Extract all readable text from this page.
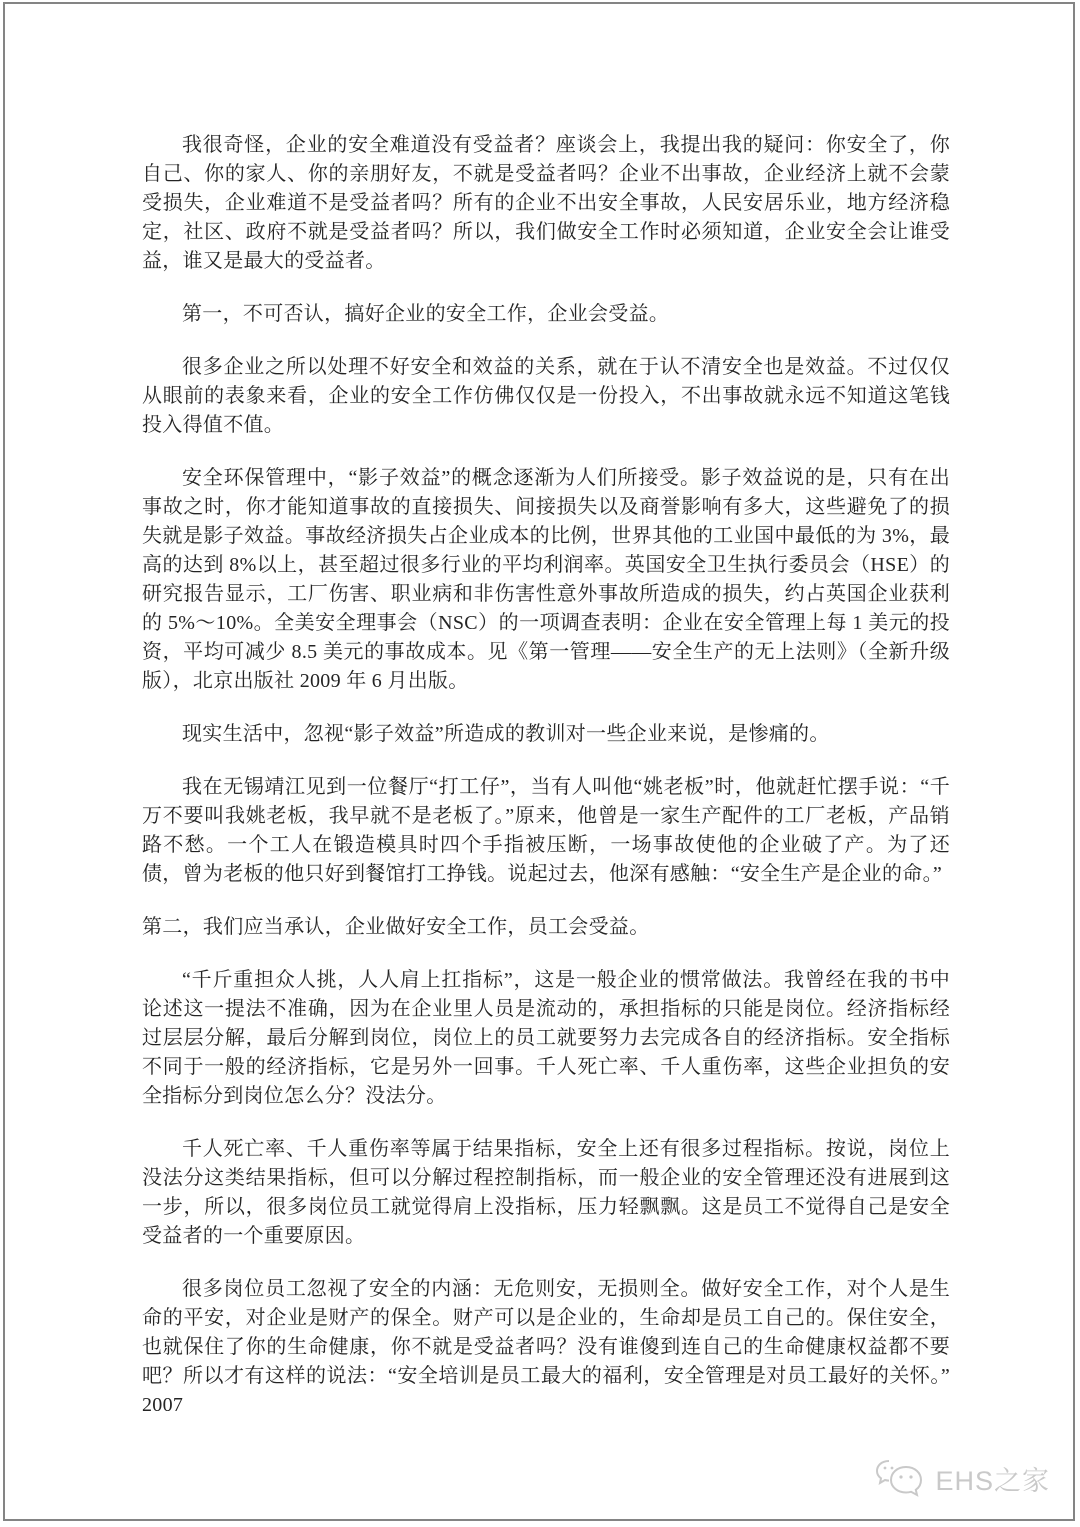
我很奇怪，企业的安全难道没有受益者？座谈会上，我提出我的疑问：你安全了，你自己、你的家人、你的亲朋好友，不就是受益者吗？企业不出事故，企业经济上就不会蒙受损失，企业难道不是受益者吗？所有的企业不出安全事故，人民安居乐业，地方经济稳定，社区、政府不就是受益者吗？所以，我们做安全工作时必须知道，企业安全会让谁受益，谁又是最大的受益者。

第一，不可否认，搞好企业的安全工作，企业会受益。

很多企业之所以处理不好安全和效益的关系，就在于认不清安全也是效益。不过仅仅从眼前的表象来看，企业的安全工作仿佛仅仅是一份投入，不出事故就永远不知道这笔钱投入得值不值。

安全环保管理中，“影子效益”的概念逐渐为人们所接受。影子效益说的是，只有在出事故之时，你才能知道事故的直接损失、间接损失以及商誉影响有多大，这些避免了的损失就是影子效益。事故经济损失占企业成本的比例，世界其他的工业国中最低的为 3%，最高的达到 8%以上，甚至超过很多行业的平均利润率。英国安全卫生执行委员会（HSE）的研究报告显示，工厂伤害、职业病和非伤害性意外事故所造成的损失，约占英国企业获利的 5%～10%。全美安全理事会（NSC）的一项调查表明：企业在安全管理上每 1 美元的投资，平均可减少 8.5 美元的事故成本。见《第一管理——安全生产的无上法则》（全新升级版），北京出版社 2009 年 6 月出版。

现实生活中，忽视“影子效益”所造成的教训对一些企业来说，是惨痛的。

我在无锡靖江见到一位餐厅“打工仔”，当有人叫他“姚老板”时，他就赶忙摆手说：“千万不要叫我姚老板，我早就不是老板了。”原来，他曾是一家生产配件的工厂老板，产品销路不愁。一个工人在锻造模具时四个手指被压断，一场事故使他的企业破了产。为了还债，曾为老板的他只好到餐馆打工挣钱。说起过去，他深有感触：“安全生产是企业的命。”

第二，我们应当承认，企业做好安全工作，员工会受益。

“千斤重担众人挑，人人肩上扛指标”，这是一般企业的惯常做法。我曾经在我的书中论述这一提法不准确，因为在企业里人员是流动的，承担指标的只能是岗位。经济指标经过层层分解，最后分解到岗位，岗位上的员工就要努力去完成各自的经济指标。安全指标不同于一般的经济指标，它是另外一回事。千人死亡率、千人重伤率，这些企业担负的安全指标分到岗位怎么分？没法分。

千人死亡率、千人重伤率等属于结果指标，安全上还有很多过程指标。按说，岗位上没法分这类结果指标，但可以分解过程控制指标，而一般企业的安全管理还没有进展到这一步，所以，很多岗位员工就觉得肩上没指标，压力轻飘飘。这是员工不觉得自己是安全受益者的一个重要原因。

很多岗位员工忽视了安全的内涵：无危则安，无损则全。做好安全工作，对个人是生命的平安，对企业是财产的保全。财产可以是企业的，生命却是员工自己的。保住安全，也就保住了你的生命健康，你不就是受益者吗？没有谁傻到连自己的生命健康权益都不要吧？所以才有这样的说法：“安全培训是员工最大的福利，安全管理是对员工最好的关怀。”2007

EHS之家
